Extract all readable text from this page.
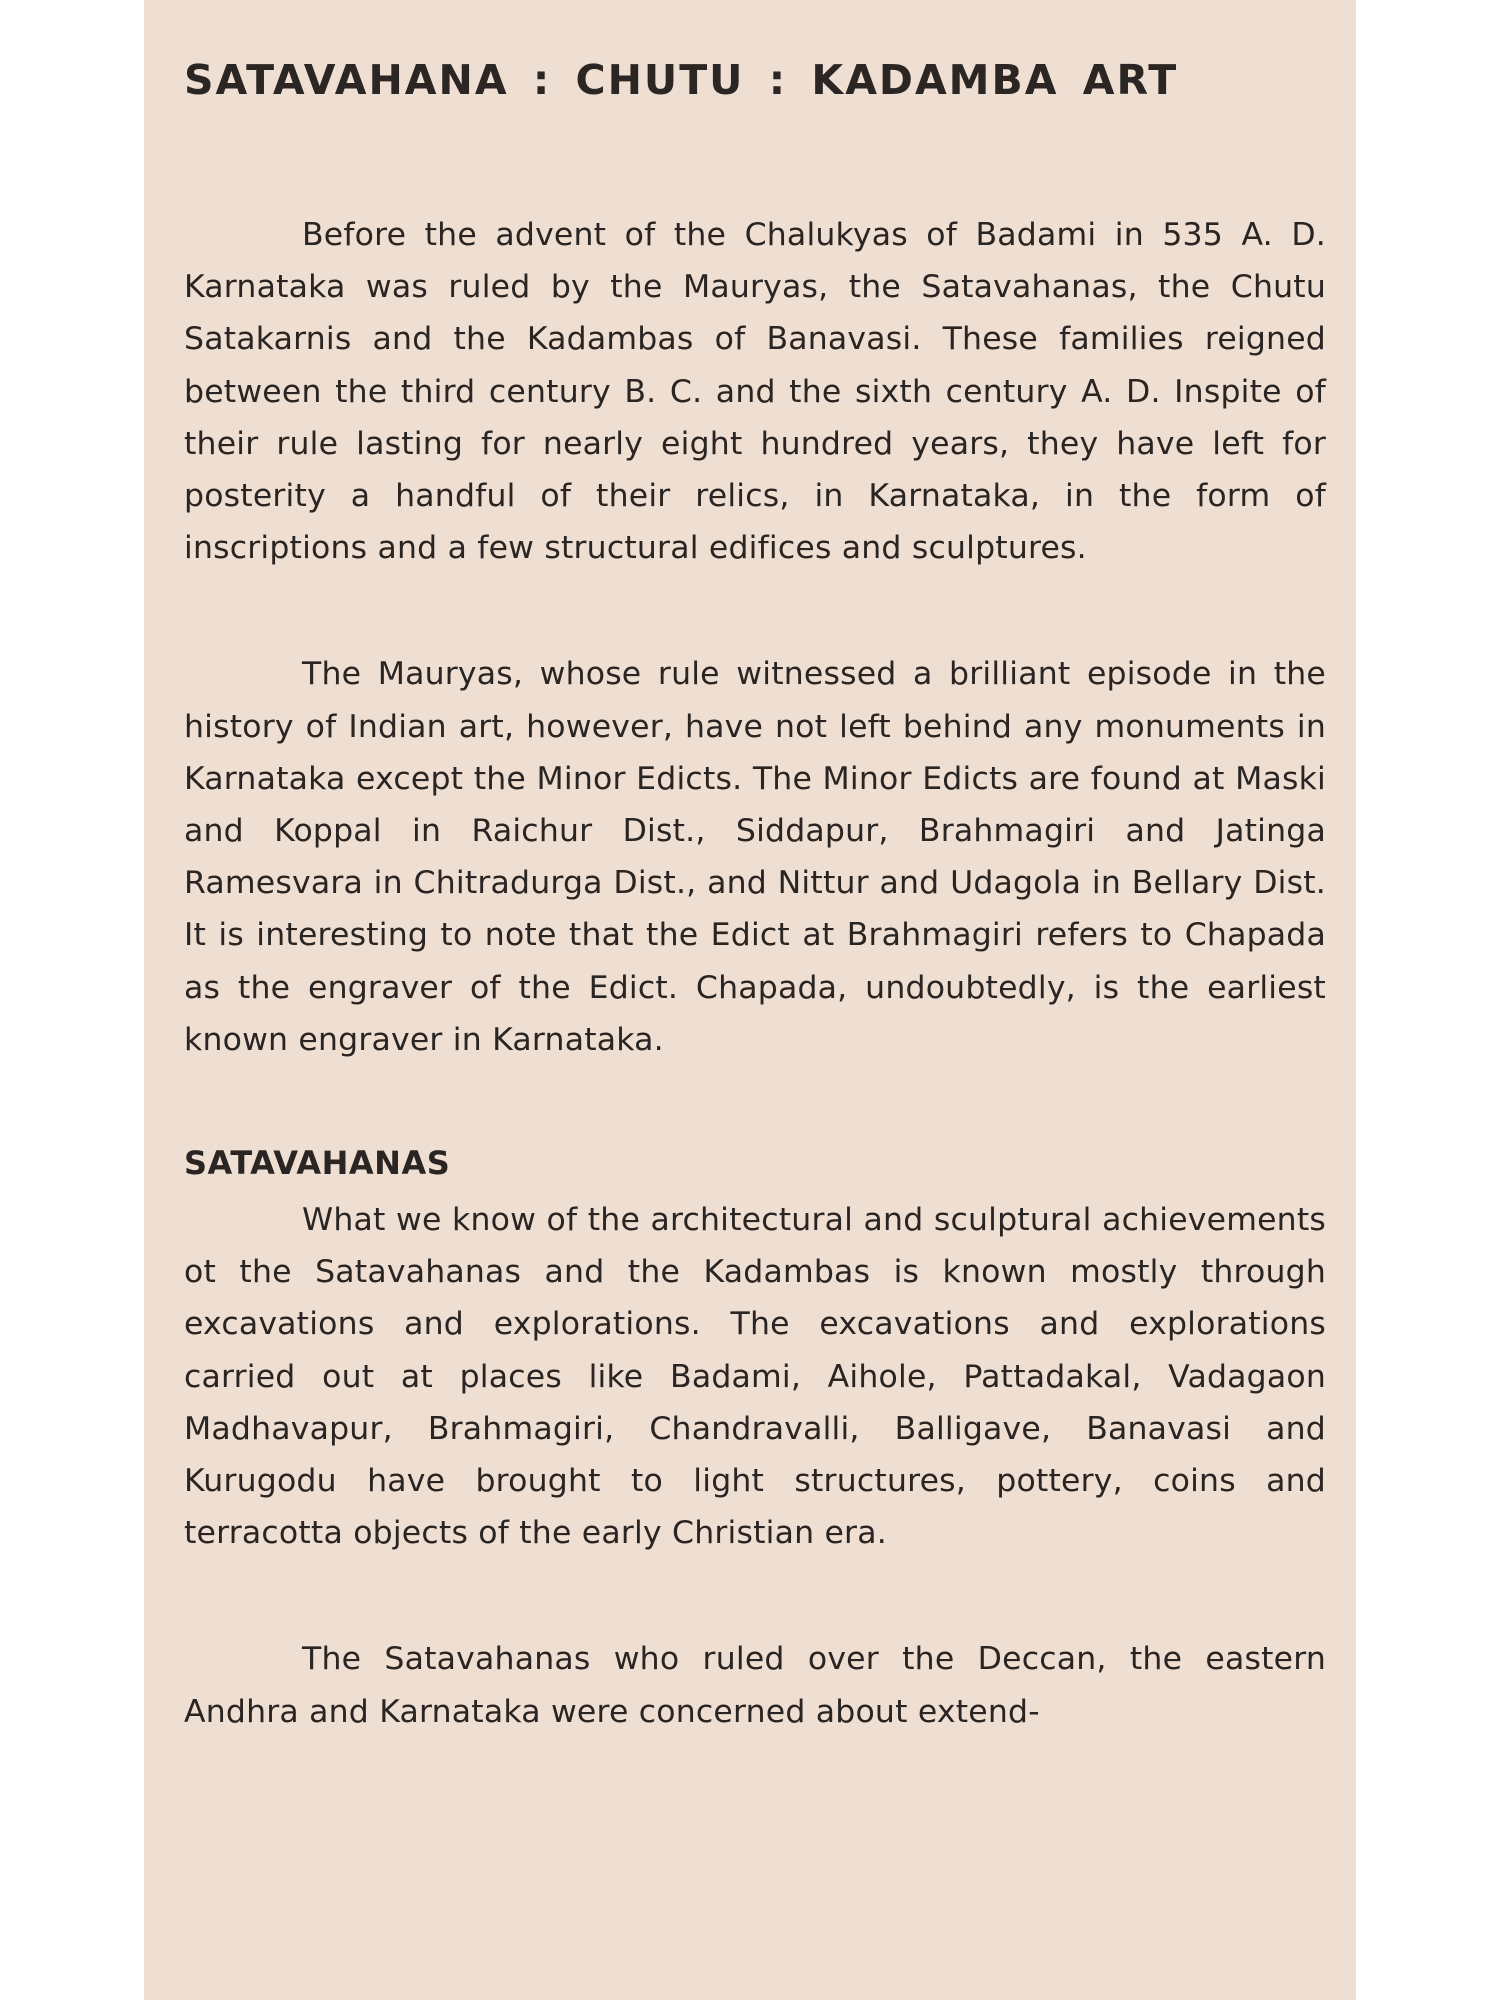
SATAVAHANA : CHUTU : KADAMBA ART

Before the advent of the Chalukyas of Badami in 535 A. D. Karnataka was ruled by the Mauryas, the Satavahanas, the Chutu Satakarnis and the Kadambas of Banavasi. These families reigned between the third century B. C. and the sixth century A. D. Inspite of their rule lasting for nearly eight hundred years, they have left for posterity a handful of their relics, in Karnataka, in the form of inscriptions and a few structural edifices and sculptures.

The Mauryas, whose rule witnessed a brilliant episode in the history of Indian art, however, have not left behind any monuments in Karnataka except the Minor Edicts. The Minor Edicts are found at Maski and Koppal in Raichur Dist., Siddapur, Brahmagiri and Jatinga Ramesvara in Chitradurga Dist., and Nittur and Udagola in Bellary Dist. It is interesting to note that the Edict at Brahmagiri refers to Chapada as the engraver of the Edict. Chapada, undoubtedly, is the earliest known engraver in Karnataka.

SATAVAHANAS

What we know of the architectural and sculptural achievements ot the Satavahanas and the Kadambas is known mostly through excavations and explorations. The excavations and explorations carried out at places like Badami, Aihole, Pattadakal, Vadagaon Madhavapur, Brahmagiri, Chandravalli, Balligave, Banavasi and Kurugodu have brought to light structures, pottery, coins and terracotta objects of the early Christian era.

The Satavahanas who ruled over the Deccan, the eastern Andhra and Karnataka were concerned about extend-
